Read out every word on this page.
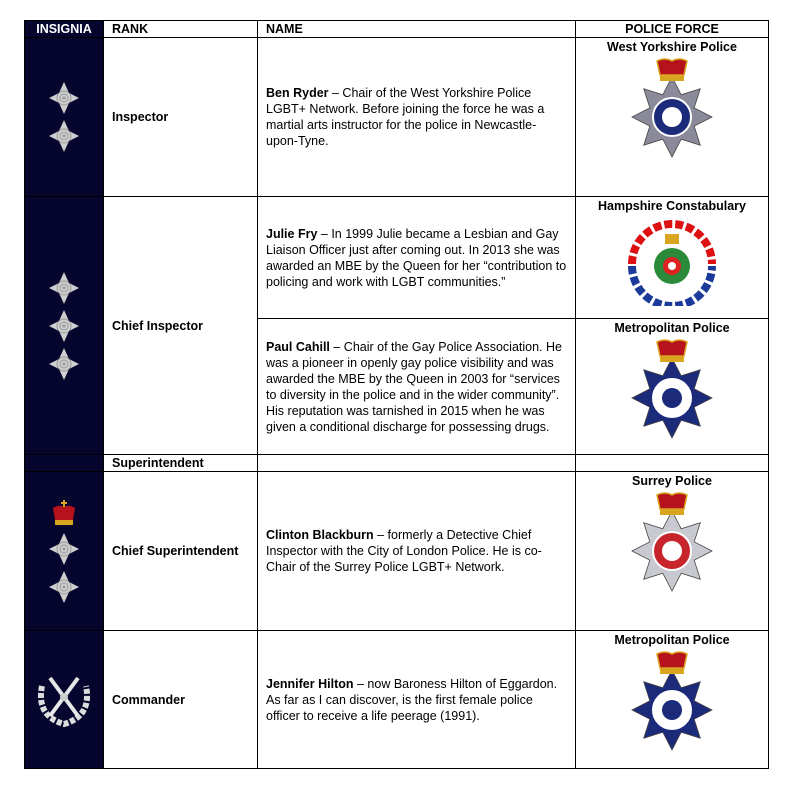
INSIGNIA	RANK	NAME	POLICE FORCE

	Inspector	Ben Ryder – Chair of the West Yorkshire Police LGBT+ Network. Before joining the force he was a martial arts instructor for the police in Newcastle-upon-Tyne.	West Yorkshire Police

	Chief Inspector	Julie Fry – In 1999 Julie became a Lesbian and Gay Liaison Officer just after coming out. In 2013 she was awarded an MBE by the Queen for her “contribution to policing and work with LGBT communities.”	Hampshire Constabulary

		Paul Cahill – Chair of the Gay Police Association. He was a pioneer in openly gay police visibility and was awarded the MBE by the Queen in 2003 for “services to diversity in the police and in the wider community”. His reputation was tarnished in 2015 when he was given a conditional discharge for possessing drugs.	Metropolitan Police

	Superintendent		

	Chief Superintendent	Clinton Blackburn – formerly a Detective Chief Inspector with the City of London Police. He is co-Chair of the Surrey Police LGBT+ Network.	Surrey Police

	Commander	Jennifer Hilton – now Baroness Hilton of Eggardon. As far as I can discover, is the first female police officer to receive a life peerage (1991).	Metropolitan Police
